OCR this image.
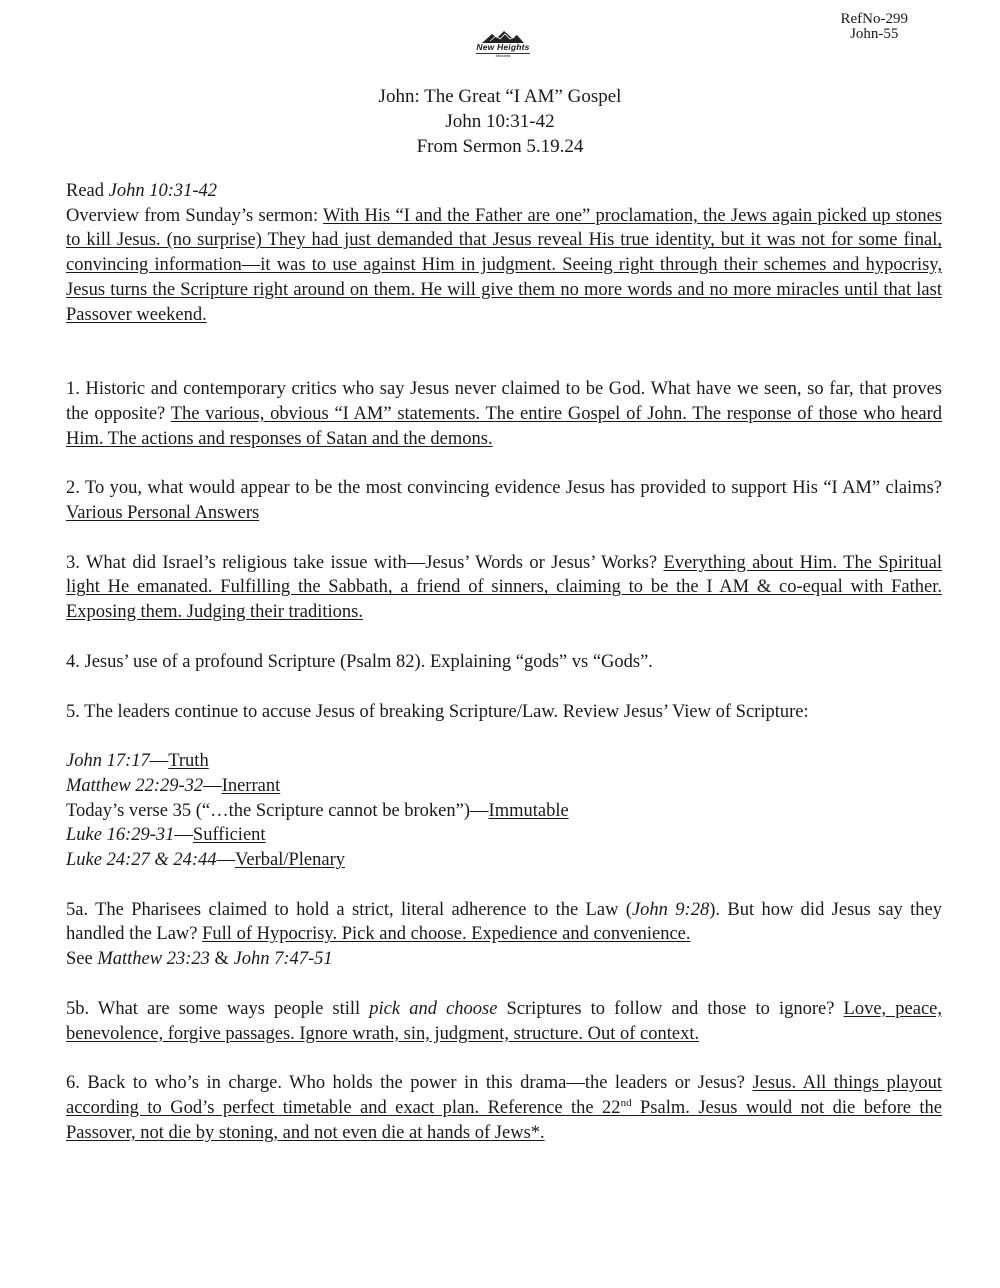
RefNo-299
John-55
New Heights
Ministries
John: The Great “I AM” Gospel
John 10:31-42
From Sermon 5.19.24

Read John 10:31-42

Overview from Sunday’s sermon: With His “I and the Father are one” proclamation, the Jews again picked up stones to kill Jesus. (no surprise) They had just demanded that Jesus reveal His true identity, but it was not for some final, convincing information—it was to use against Him in judgment. Seeing right through their schemes and hypocrisy, Jesus turns the Scripture right around on them. He will give them no more words and no more miracles until that last Passover weekend.

1. Historic and contemporary critics who say Jesus never claimed to be God. What have we seen, so far, that proves the opposite? The various, obvious “I AM” statements. The entire Gospel of John. The response of those who heard Him. The actions and responses of Satan and the demons.

2. To you, what would appear to be the most convincing evidence Jesus has provided to support His “I AM” claims? Various Personal Answers

3. What did Israel’s religious take issue with—Jesus’ Words or Jesus’ Works? Everything about Him. The Spiritual light He emanated. Fulfilling the Sabbath, a friend of sinners, claiming to be the I AM & co-equal with Father. Exposing them. Judging their traditions.

4. Jesus’ use of a profound Scripture (Psalm 82). Explaining “gods” vs “Gods”.

5. The leaders continue to accuse Jesus of breaking Scripture/Law. Review Jesus’ View of Scripture:

John 17:17—Truth

Matthew 22:29-32—Inerrant

Today’s verse 35 (“…the Scripture cannot be broken”)—Immutable

Luke 16:29-31—Sufficient

Luke 24:27 & 24:44—Verbal/Plenary

5a. The Pharisees claimed to hold a strict, literal adherence to the Law (John 9:28). But how did Jesus say they handled the Law? Full of Hypocrisy. Pick and choose. Expedience and convenience.

See Matthew 23:23 & John 7:47-51

5b. What are some ways people still pick and choose Scriptures to follow and those to ignore? Love, peace, benevolence, forgive passages. Ignore wrath, sin, judgment, structure. Out of context.

6. Back to who’s in charge. Who holds the power in this drama—the leaders or Jesus? Jesus. All things playout according to God’s perfect timetable and exact plan. Reference the 22nd Psalm. Jesus would not die before the Passover, not die by stoning, and not even die at hands of Jews*.
